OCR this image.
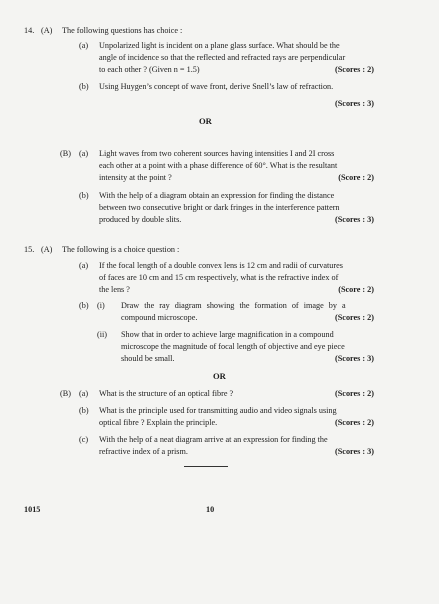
14. (A) The following questions has choice :
(a) Unpolarized light is incident on a plane glass surface. What should be the
angle of incidence so that the reflected and refracted rays are perpendicular
to each other ? (Given n = 1.5)	(Scores : 2)
(b) Using Huygen’s concept of wave front, derive Snell’s law of refraction.
(Scores : 3)
OR
(B) (a) Light waves from two coherent sources having intensities I and 2I cross
each other at a point with a phase difference of 60°. What is the resultant
intensity at the point ?	(Score : 2)
(b) With the help of a diagram obtain an expression for finding the distance
between two consecutive bright or dark fringes in the interference pattern
produced by double slits.	(Scores : 3)
15. (A) The following is a choice question :
(a) If the focal length of a double convex lens is 12 cm and radii of curvatures
of faces are 10 cm and 15 cm respectively, what is the refractive index of
the lens ?	(Score : 2)
(b) (i) Draw the ray diagram showing the formation of image by a
compound microscope.	(Scores : 2)
(ii) Show that in order to achieve large magnification in a compound
microscope the magnitude of focal length of objective and eye piece
should be small.	(Scores : 3)
OR
(B) (a) What is the structure of an optical fibre ?	(Scores : 2)
(b) What is the principle used for transmitting audio and video signals using
optical fibre ? Explain the principle.	(Scores : 2)
(c) With the help of a neat diagram arrive at an expression for finding the
refractive index of a prism.	(Scores : 3)
1015	10
